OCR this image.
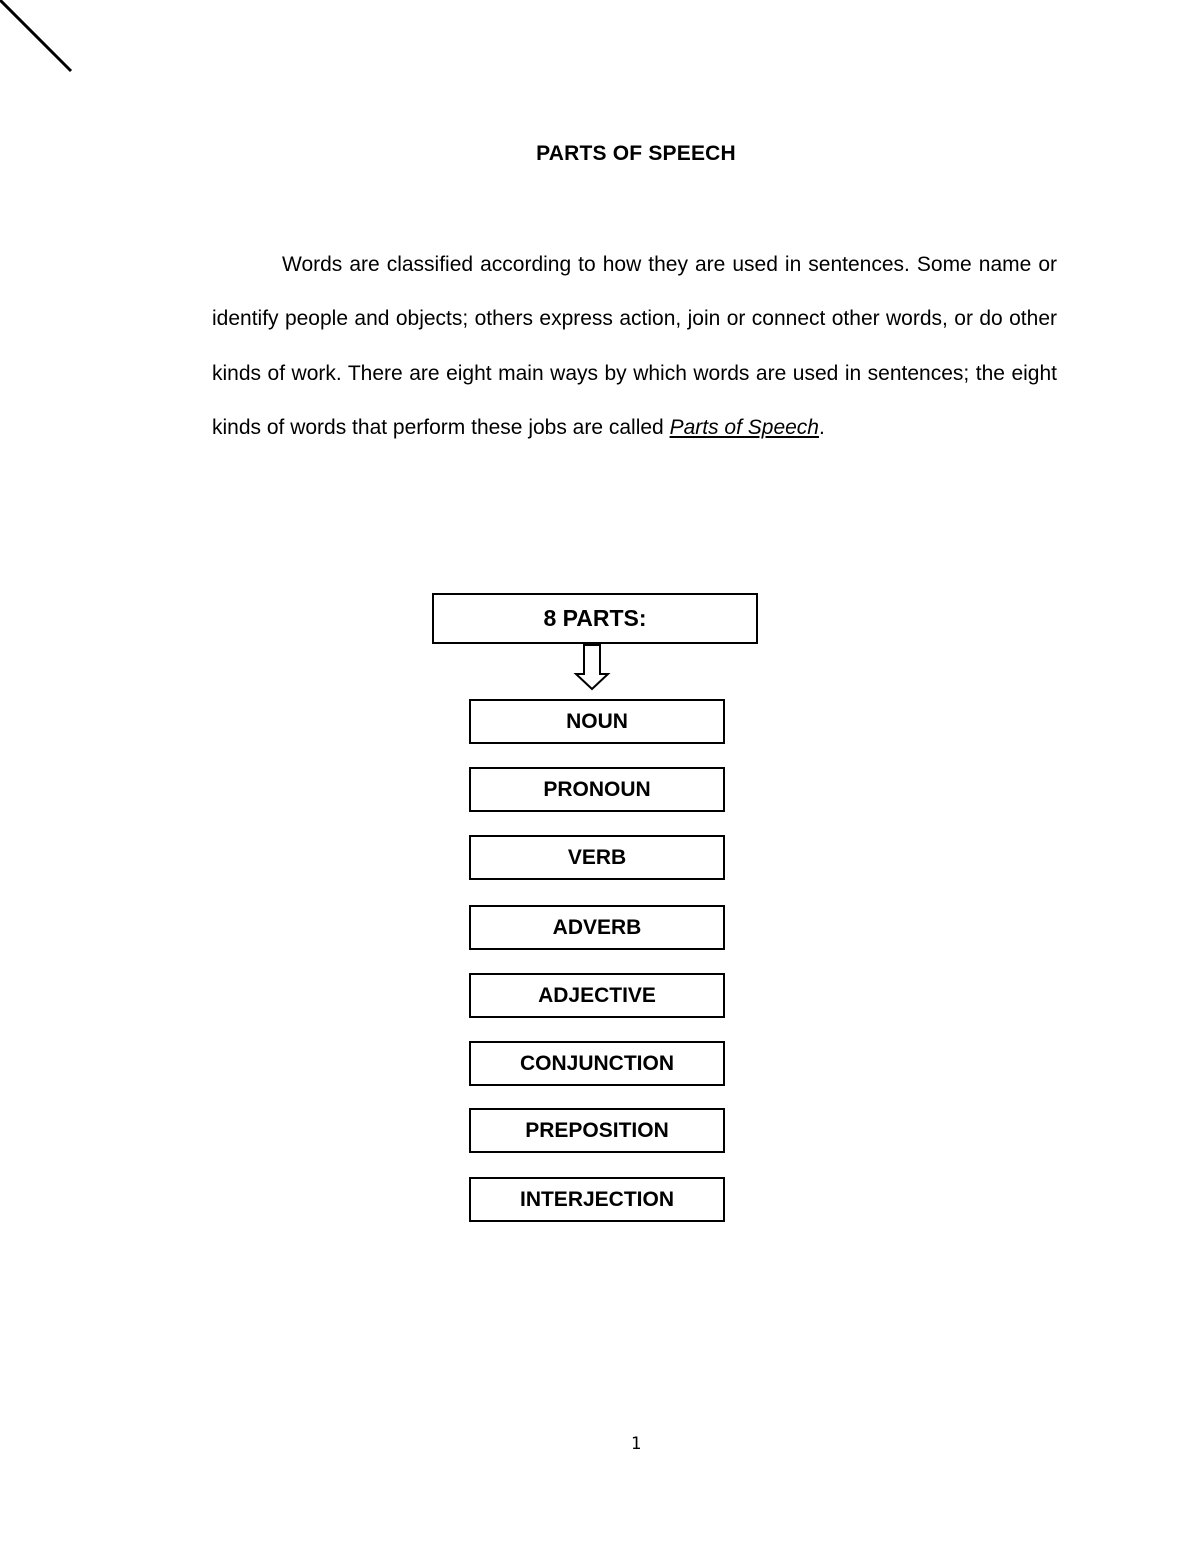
PARTS OF SPEECH

Words are classified according to how they are used in sentences. Some name or identify people and objects; others express action, join or connect other words, or do other kinds of work. There are eight main ways by which words are used in sentences; the eight kinds of words that perform these jobs are called Parts of Speech.

8 PARTS:
NOUN
PRONOUN
VERB
ADVERB
ADJECTIVE
CONJUNCTION
PREPOSITION
INTERJECTION
1
